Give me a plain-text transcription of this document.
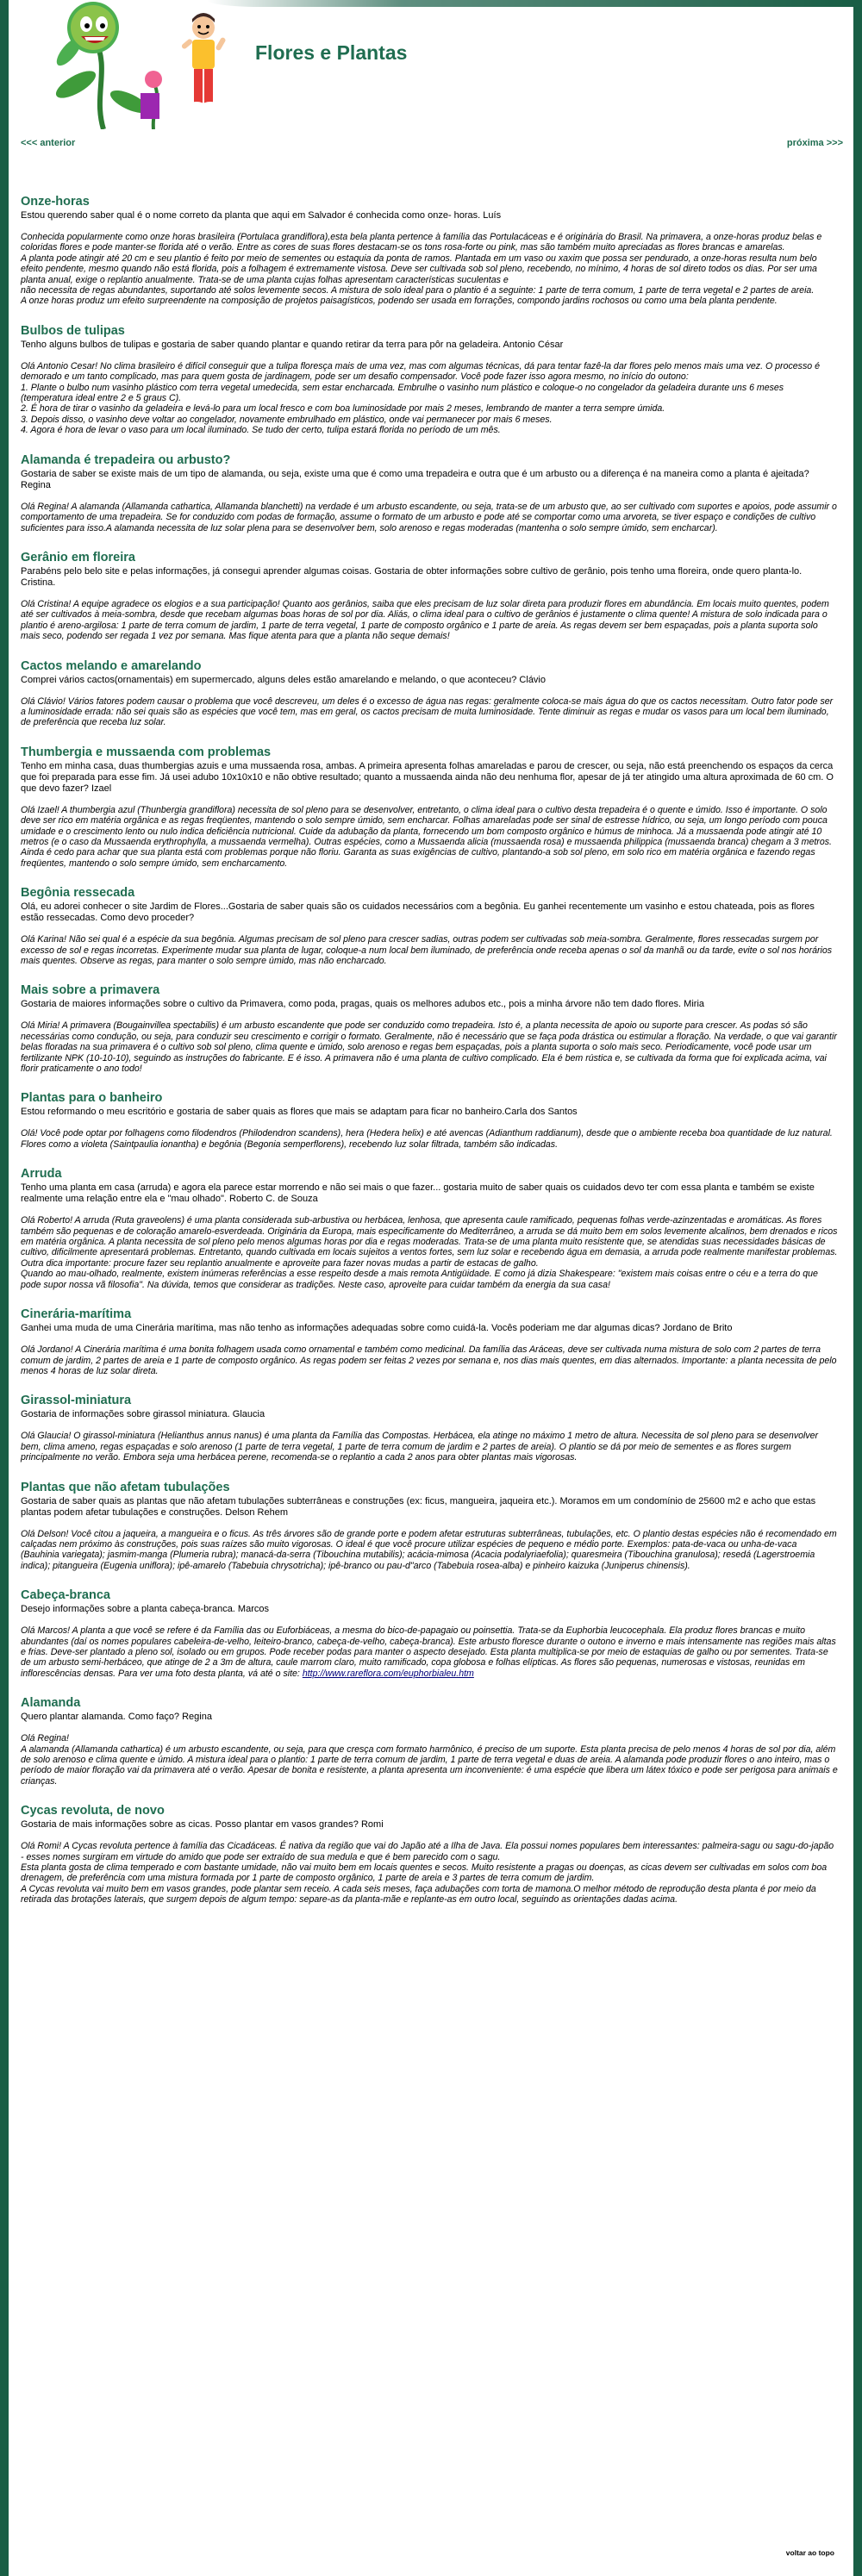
Flores e Plantas
<<< anterior	próxima >>>
Onze-horas
Estou querendo saber qual é o nome correto da planta que aqui em Salvador é conhecida como onze- horas. Luís
Conhecida popularmente como onze horas brasileira (Portulaca grandiflora),esta bela planta pertence à família das Portulacáceas e é originária do Brasil. Na primavera, a onze-horas produz belas e coloridas flores e pode manter-se florida até o verão. Entre as cores de suas flores destacam-se os tons rosa-forte ou pink, mas são também muito apreciadas as flores brancas e amarelas.
A planta pode atingir até 20 cm e seu plantio é feito por meio de sementes ou estaquia da ponta de ramos. Plantada em um vaso ou xaxim que possa ser pendurado, a onze-horas resulta num belo efeito pendente, mesmo quando não está florida, pois a folhagem é extremamente vistosa. Deve ser cultivada sob sol pleno, recebendo, no mínimo, 4 horas de sol direto todos os dias. Por ser uma planta anual, exige o replantio anualmente. Trata-se de uma planta cujas folhas apresentam características suculentas e
não necessita de regas abundantes, suportando até solos levemente secos. A mistura de solo ideal para o plantio é a seguinte: 1 parte de terra comum, 1 parte de terra vegetal e 2 partes de areia.
A onze horas produz um efeito surpreendente na composição de projetos paisagísticos, podendo ser usada em forrações, compondo jardins rochosos ou como uma bela planta pendente.
Bulbos de tulipas
Tenho alguns bulbos de tulipas e gostaria de saber quando plantar e quando retirar da terra para pôr na geladeira. Antonio César
Olá Antonio Cesar! No clima brasileiro é difícil conseguir que a tulipa floresça mais de uma vez, mas com algumas técnicas, dá para tentar fazê-la dar flores pelo menos mais uma vez. O processo é demorado e um tanto complicado, mas para quem gosta de jardinagem, pode ser um desafio compensador. Você pode fazer isso agora mesmo, no início do outono:
1. Plante o bulbo num vasinho plástico com terra vegetal umedecida, sem estar encharcada. Embrulhe o vasinho num plástico e coloque-o no congelador da geladeira durante uns 6 meses (temperatura ideal entre 2 e 5 graus C).
2. É hora de tirar o vasinho da geladeira e levá-lo para um local fresco e com boa luminosidade por mais 2 meses, lembrando de manter a terra sempre úmida.
3. Depois disso, o vasinho deve voltar ao congelador, novamente embrulhado em plástico, onde vai permanecer por mais 6 meses.
4. Agora é hora de levar o vaso para um local iluminado. Se tudo der certo, tulipa estará florida no período de um mês.
Alamanda é trepadeira ou arbusto?
Gostaria de saber se existe mais de um tipo de alamanda, ou seja, existe uma que é como uma trepadeira e outra que é um arbusto ou a diferença é na maneira como a planta é ajeitada? Regina
Olá Regina! A alamanda (Allamanda cathartica, Allamanda blanchetti) na verdade é um arbusto escandente, ou seja, trata-se de um arbusto que, ao ser cultivado com suportes e apoios, pode assumir o comportamento de uma trepadeira. Se for conduzido com podas de formação, assume o formato de um arbusto e pode até se comportar como uma arvoreta, se tiver espaço e condições de cultivo suficientes para isso.A alamanda necessita de luz solar plena para se desenvolver bem, solo arenoso e regas moderadas (mantenha o solo sempre úmido, sem encharcar).
Gerânio em floreira
Parabéns pelo belo site e pelas informações, já consegui aprender algumas coisas. Gostaria de obter informações sobre cultivo de gerânio, pois tenho uma floreira, onde quero planta-lo. Cristina.
Olá Cristina! A equipe agradece os elogios e a sua participação! Quanto aos gerânios, saiba que eles precisam de luz solar direta para produzir flores em abundância. Em locais muito quentes, podem até ser cultivados à meia-sombra, desde que recebam algumas boas horas de sol por dia. Aliás, o clima ideal para o cultivo de gerânios é justamente o clima quente! A mistura de solo indicada para o plantio é areno-argilosa: 1 parte de terra comum de jardim, 1 parte de terra vegetal, 1 parte de composto orgânico e 1 parte de areia. As regas devem ser bem espaçadas, pois a planta suporta solo mais seco, podendo ser regada 1 vez por semana. Mas fique atenta para que a planta não seque demais!
Cactos melando e amarelando
Comprei vários cactos(ornamentais) em supermercado, alguns deles estão amarelando e melando, o que aconteceu? Clávio
Olá Clávio! Vários fatores podem causar o problema que você descreveu, um deles é o excesso de água nas regas: geralmente coloca-se mais água do que os cactos necessitam. Outro fator pode ser a luminosidade errada: não sei quais são as espécies que você tem, mas em geral, os cactos precisam de muita luminosidade. Tente diminuir as regas e mudar os vasos para um local bem iluminado, de preferência que receba luz solar.
Thumbergia e mussaenda com problemas
Tenho em minha casa, duas thumbergias azuis e uma mussaenda rosa, ambas. A primeira apresenta folhas amareladas e parou de crescer, ou seja, não está preenchendo os espaços da cerca que foi preparada para esse fim. Já usei adubo 10x10x10 e não obtive resultado; quanto a mussaenda ainda não deu nenhuma flor, apesar de já ter atingido uma altura aproximada de 60 cm. O que devo fazer? Izael
Olá Izael! A thumbergia azul (Thunbergia grandiflora) necessita de sol pleno para se desenvolver, entretanto, o clima ideal para o cultivo desta trepadeira é o quente e úmido. Isso é importante. O solo deve ser rico em matéria orgânica e as regas freqüentes, mantendo o solo sempre úmido, sem encharcar. Folhas amareladas pode ser sinal de estresse hídrico, ou seja, um longo período com pouca umidade e o crescimento lento ou nulo indica deficiência nutricional. Cuide da adubação da planta, fornecendo um bom composto orgânico e húmus de minhoca. Já a mussaenda pode atingir até 10 metros (e o caso da Mussaenda erythrophylla, a mussaenda vermelha). Outras espécies, como a Mussaenda alicia (mussaenda rosa) e mussaenda philippica (mussaenda branca) chegam a 3 metros. Ainda é cedo para achar que sua planta está com problemas porque não floriu. Garanta as suas exigências de cultivo, plantando-a sob sol pleno, em solo rico em matéria orgânica e fazendo regas freqüentes, mantendo o solo sempre úmido, sem encharcamento.
Begônia ressecada
Olá, eu adorei conhecer o site Jardim de Flores...Gostaria de saber quais são os cuidados necessários com a begônia. Eu ganhei recentemente um vasinho e estou chateada, pois as flores estão ressecadas. Como devo proceder?
Olá Karina! Não sei qual é a espécie da sua begônia. Algumas precisam de sol pleno para crescer sadias, outras podem ser cultivadas sob meia-sombra. Geralmente, flores ressecadas surgem por excesso de sol e regas incorretas. Experimente mudar sua planta de lugar, coloque-a num local bem iluminado, de preferência onde receba apenas o sol da manhã ou da tarde, evite o sol nos horários mais quentes. Observe as regas, para manter o solo sempre úmido, mas não encharcado.
Mais sobre a primavera
Gostaria de maiores informações sobre o cultivo da Primavera, como poda, pragas, quais os melhores adubos etc., pois a minha árvore não tem dado flores. Miria
Olá Miria! A primavera (Bougainvillea spectabilis) é um arbusto escandente que pode ser conduzido como trepadeira. Isto é, a planta necessita de apoio ou suporte para crescer. As podas só são necessárias como condução, ou seja, para conduzir seu crescimento e corrigir o formato. Geralmente, não é necessário que se faça poda drástica ou estimular a floração. Na verdade, o que vai garantir belas floradas na sua primavera é o cultivo sob sol pleno, clima quente e úmido, solo arenoso e regas bem espaçadas, pois a planta suporta o solo mais seco. Periodicamente, você pode usar um fertilizante NPK (10-10-10), seguindo as instruções do fabricante. E é isso. A primavera não é uma planta de cultivo complicado. Ela é bem rústica e, se cultivada da forma que foi explicada acima, vai florir praticamente o ano todo!
Plantas para o banheiro
Estou reformando o meu escritório e gostaria de saber quais as flores que mais se adaptam para ficar no banheiro.Carla dos Santos
Olá! Você pode optar por folhagens como filodendros (Philodendron scandens), hera (Hedera helix) e até avencas (Adianthum raddianum), desde que o ambiente receba boa quantidade de luz natural. Flores como a violeta (Saintpaulia ionantha) e begônia (Begonia semperflorens), recebendo luz solar filtrada, também são indicadas.
Arruda
Tenho uma planta em casa (arruda) e agora ela parece estar morrendo e não sei mais o que fazer... gostaria muito de saber quais os cuidados devo ter com essa planta e também se existe realmente uma relação entre ela e "mau olhado". Roberto C. de Souza
Olá Roberto! A arruda (Ruta graveolens) é uma planta considerada sub-arbustiva ou herbácea, lenhosa, que apresenta caule ramificado, pequenas folhas verde-azinzentadas e aromáticas. As flores também são pequenas e de coloração amarelo-esverdeada. Originária da Europa, mais especificamente do Mediterrâneo, a arruda se dá muito bem em solos levemente alcalinos, bem drenados e ricos em matéria orgânica. A planta necessita de sol pleno pelo menos algumas horas por dia e regas moderadas. Trata-se de uma planta muito resistente que, se atendidas suas necessidades básicas de cultivo, dificilmente apresentará problemas. Entretanto, quando cultivada em locais sujeitos a ventos fortes, sem luz solar e recebendo água em demasia, a arruda pode realmente manifestar problemas. Outra dica importante: procure fazer seu replantio anualmente e aproveite para fazer novas mudas a partir de estacas de galho.
Quando ao mau-olhado, realmente, existem inúmeras referências a esse respeito desde a mais remota Antigüidade. E como já dizia Shakespeare: "existem mais coisas entre o céu e a terra do que pode supor nossa vã filosofia". Na dúvida, temos que considerar as tradições. Neste caso, aproveite para cuidar também da energia da sua casa!
Cinerária-marítima
Ganhei uma muda de uma Cinerária marítima, mas não tenho as informações adequadas sobre como cuidá-la. Vocês poderiam me dar algumas dicas? Jordano de Brito
Olá Jordano! A Cinerária marítima é uma bonita folhagem usada como ornamental e também como medicinal. Da família das Aráceas, deve ser cultivada numa mistura de solo com 2 partes de terra comum de jardim, 2 partes de areia e 1 parte de composto orgânico. As regas podem ser feitas 2 vezes por semana e, nos dias mais quentes, em dias alternados. Importante: a planta necessita de pelo menos 4 horas de luz solar direta.
Girassol-miniatura
Gostaria de informações sobre girassol miniatura. Glaucia
Olá Glaucia! O girassol-miniatura (Helianthus annus nanus) é uma planta da Família das Compostas. Herbácea, ela atinge no máximo 1 metro de altura. Necessita de sol pleno para se desenvolver bem, clima ameno, regas espaçadas e solo arenoso (1 parte de terra vegetal, 1 parte de terra comum de jardim e 2 partes de areia). O plantio se dá por meio de sementes e as flores surgem principalmente no verão. Embora seja uma herbácea perene, recomenda-se o replantio a cada 2 anos para obter plantas mais vigorosas.
Plantas que não afetam tubulações
Gostaria de saber quais as plantas que não afetam tubulações subterrâneas e construções (ex: ficus, mangueira, jaqueira etc.). Moramos em um condomínio de 25600 m2 e acho que estas plantas podem afetar tubulações e construções. Delson Rehem
Olá Delson! Você citou a jaqueira, a mangueira e o ficus. As três árvores são de grande porte e podem afetar estruturas subterrâneas, tubulações, etc. O plantio destas espécies não é recomendado em calçadas nem próximo às construções, pois suas raízes são muito vigorosas. O ideal é que você procure utilizar espécies de pequeno e médio porte. Exemplos: pata-de-vaca ou unha-de-vaca (Bauhinia variegata); jasmim-manga (Plumeria rubra); manacá-da-serra (Tibouchina mutabilis); acácia-mimosa (Acacia podalyriaefolia); quaresmeira (Tibouchina granulosa); resedá (Lagerstroemia indica); pitangueira (Eugenia uniflora); ipê-amarelo (Tabebuia chrysotricha); ipê-branco ou pau-d"arco (Tabebuia rosea-alba) e pinheiro kaizuka (Juniperus chinensis).
Cabeça-branca
Desejo informações sobre a planta cabeça-branca. Marcos
Olá Marcos! A planta a que você se refere é da Família das ou Euforbiáceas, a mesma do bico-de-papagaio ou poinsettia. Trata-se da Euphorbia leucocephala. Ela produz flores brancas e muito abundantes (daí os nomes populares cabeleira-de-velho, leiteiro-branco, cabeça-de-velho, cabeça-branca). Este arbusto floresce durante o outono e inverno e mais intensamente nas regiões mais altas e frias. Deve-ser plantado a pleno sol, isolado ou em grupos. Pode receber podas para manter o aspecto desejado. Esta planta multiplica-se por meio de estaquias de galho ou por sementes. Trata-se de um arbusto semi-herbáceo, que atinge de 2 a 3m de altura, caule marrom claro, muito ramificado, copa globosa e folhas elípticas. As flores são pequenas, numerosas e vistosas, reunidas em inflorescências densas. Para ver uma foto desta planta, vá até o site: http://www.rareflora.com/euphorbialeu.htm
Alamanda
Quero plantar alamanda. Como faço? Regina
Olá Regina!
A alamanda (Allamanda cathartica) é um arbusto escandente, ou seja, para que cresça com formato harmônico, é preciso de um suporte. Esta planta precisa de pelo menos 4 horas de sol por dia, além de solo arenoso e clima quente e úmido. A mistura ideal para o plantio: 1 parte de terra comum de jardim, 1 parte de terra vegetal e duas de areia. A alamanda pode produzir flores o ano inteiro, mas o período de maior floração vai da primavera até o verão. Apesar de bonita e resistente, a planta apresenta um inconveniente: é uma espécie que libera um látex tóxico e pode ser perigosa para animais e crianças.
Cycas revoluta, de novo
Gostaria de mais informações sobre as cicas. Posso plantar em vasos grandes? Romi
Olá Romi! A Cycas revoluta pertence à família das Cicadáceas. É nativa da região que vai do Japão até a Ilha de Java. Ela possui nomes populares bem interessantes: palmeira-sagu ou sagu-do-japão - esses nomes surgiram em virtude do amido que pode ser extraído de sua medula e que é bem parecido com o sagu.
Esta planta gosta de clima temperado e com bastante umidade, não vai muito bem em locais quentes e secos. Muito resistente a pragas ou doenças, as cicas devem ser cultivadas em solos com boa drenagem, de preferência com uma mistura formada por 1 parte de composto orgânico, 1 parte de areia e 3 partes de terra comum de jardim.
A Cycas revoluta vai muito bem em vasos grandes, pode plantar sem receio. A cada seis meses, faça adubações com torta de mamona.O melhor método de reprodução desta planta é por meio da retirada das brotações laterais, que surgem depois de algum tempo: separe-as da planta-mãe e replante-as em outro local, seguindo as orientações dadas acima.
voltar ao topo
